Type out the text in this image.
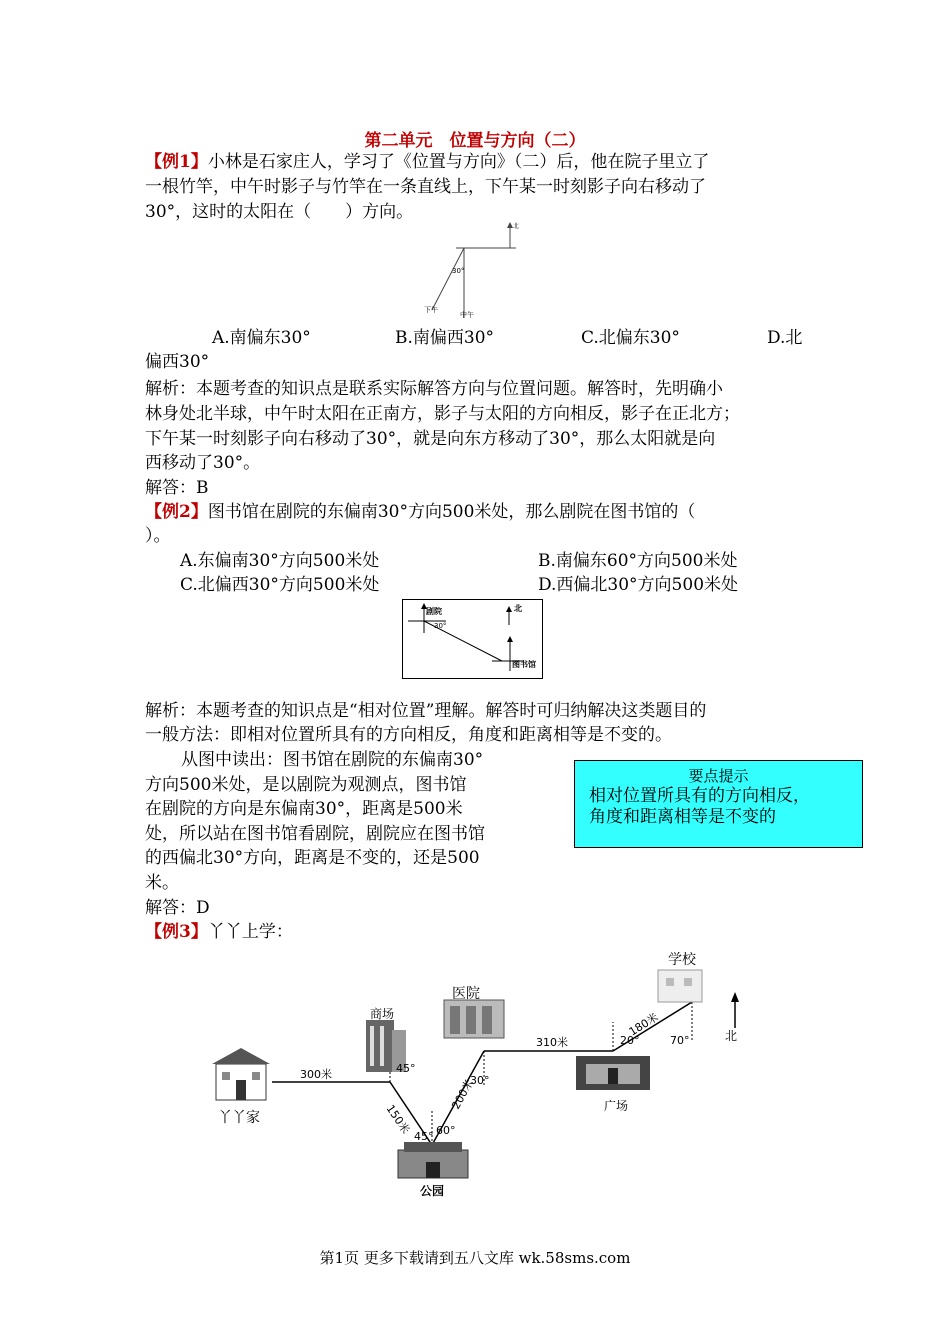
第二单元　位置与方向（二）
【例1】小林是石家庄人，学习了《位置与方向》（二）后，他在院子里立了
一根竹竿，中午时影子与竹竿在一条直线上，下午某一时刻影子向右移动了
30°，这时的太阳在（　　）方向。
北
30°
下午
中午
A.南偏东30°	B.南偏西30°	C.北偏东30°	D.北
偏西30°
解析：本题考查的知识点是联系实际解答方向与位置问题。解答时，先明确小
林身处北半球，中午时太阳在正南方，影子与太阳的方向相反，影子在正北方；
下午某一时刻影子向右移动了30°，就是向东方移动了30°，那么太阳就是向
西移动了30°。
解答：B
【例2】图书馆在剧院的东偏南30°方向500米处，那么剧院在图书馆的（
）。
A.东偏南30°方向500米处	B.南偏东60°方向500米处
C.北偏西30°方向500米处	D.西偏北30°方向500米处
剧院
30°
北
图书馆
解析：本题考查的知识点是“相对位置”理解。解答时可归纳解决这类题目的
一般方法：即相对位置所具有的方向相反，角度和距离相等是不变的。
从图中读出：图书馆在剧院的东偏南30°
方向500米处，是以剧院为观测点，图书馆
在剧院的方向是东偏南30°，距离是500米
处，所以站在图书馆看剧院，剧院应在图书馆
的西偏北30°方向，距离是不变的，还是500
米。
要点提示
相对位置所具有的方向相反，
角度和距离相等是不变的
解答：D
【例3】丫丫上学：
北
丫丫家
商场
医院
公园
广场
学校
300米
150米
200米
310米
180米
45°
45° 60°
30°
20°	70°
第1页 更多下载请到五八文库 wk.58sms.com
